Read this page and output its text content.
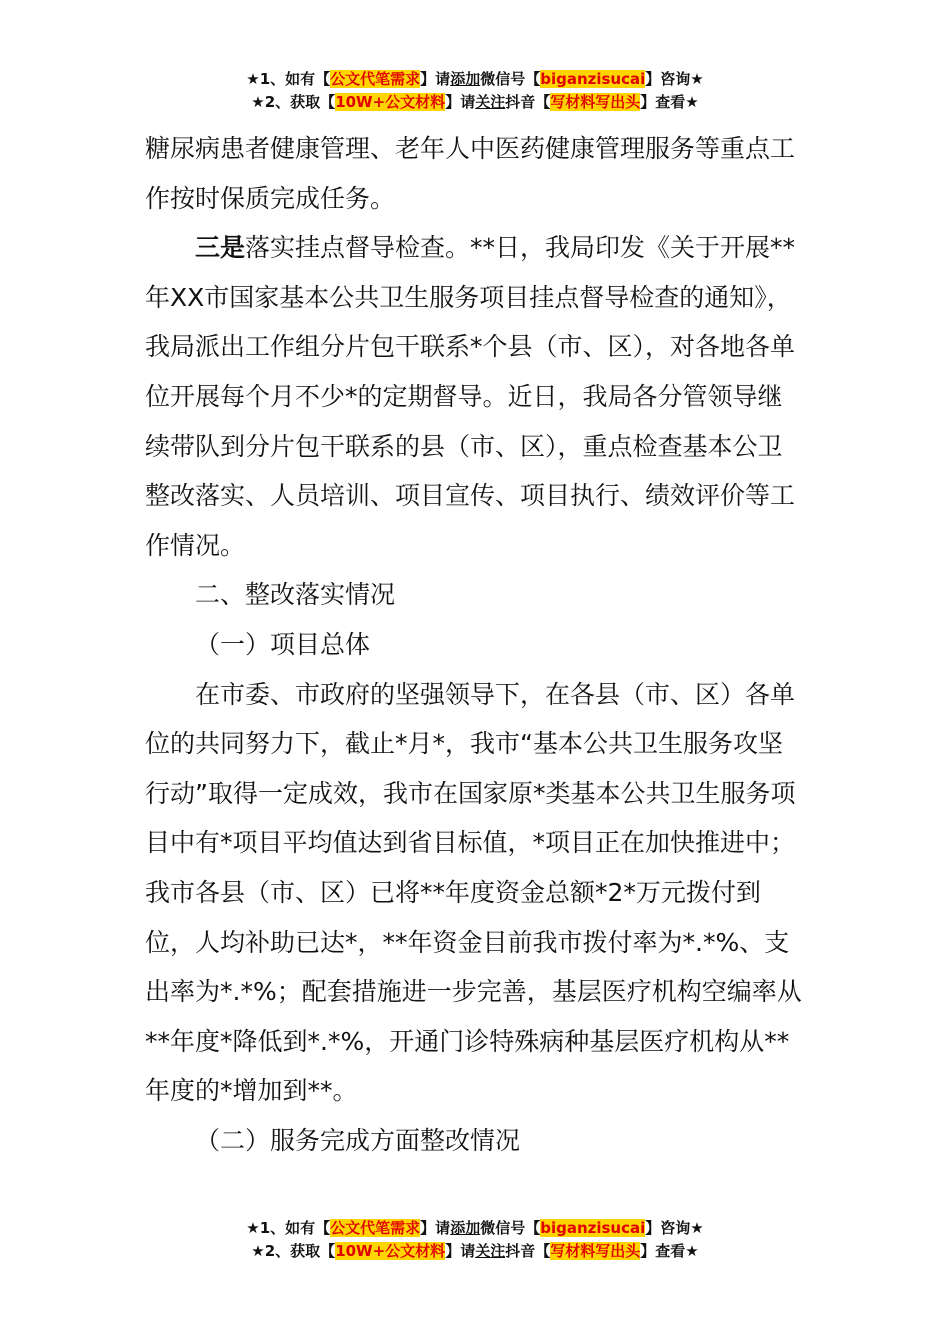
★1、如有【公文代笔需求】请添加微信号【biganzisucai】咨询★
★2、获取【10W+公文材料】请关注抖音【写材料写出头】查看★

糖尿病患者健康管理、老年人中医药健康管理服务等重点工作按时保质完成任务。

三是落实挂点督导检查。**日，我局印发《关于开展**年XX市国家基本公共卫生服务项目挂点督导检查的通知》，我局派出工作组分片包干联系*个县（市、区），对各地各单位开展每个月不少*的定期督导。近日，我局各分管领导继续带队到分片包干联系的县（市、区），重点检查基本公卫整改落实、人员培训、项目宣传、项目执行、绩效评价等工作情况。

二、整改落实情况

（一）项目总体

在市委、市政府的坚强领导下，在各县（市、区）各单位的共同努力下，截止*月*，我市“基本公共卫生服务攻坚行动”取得一定成效，我市在国家原*类基本公共卫生服务项目中有*项目平均值达到省目标值，*项目正在加快推进中；我市各县（市、区）已将**年度资金总额*2*万元拨付到位，人均补助已达*，**年资金目前我市拨付率为*.*%、支出率为*.*%；配套措施进一步完善，基层医疗机构空编率从**年度*降低到*.*%，开通门诊特殊病种基层医疗机构从**年度的*增加到**。

（二）服务完成方面整改情况

★1、如有【公文代笔需求】请添加微信号【biganzisucai】咨询★
★2、获取【10W+公文材料】请关注抖音【写材料写出头】查看★
